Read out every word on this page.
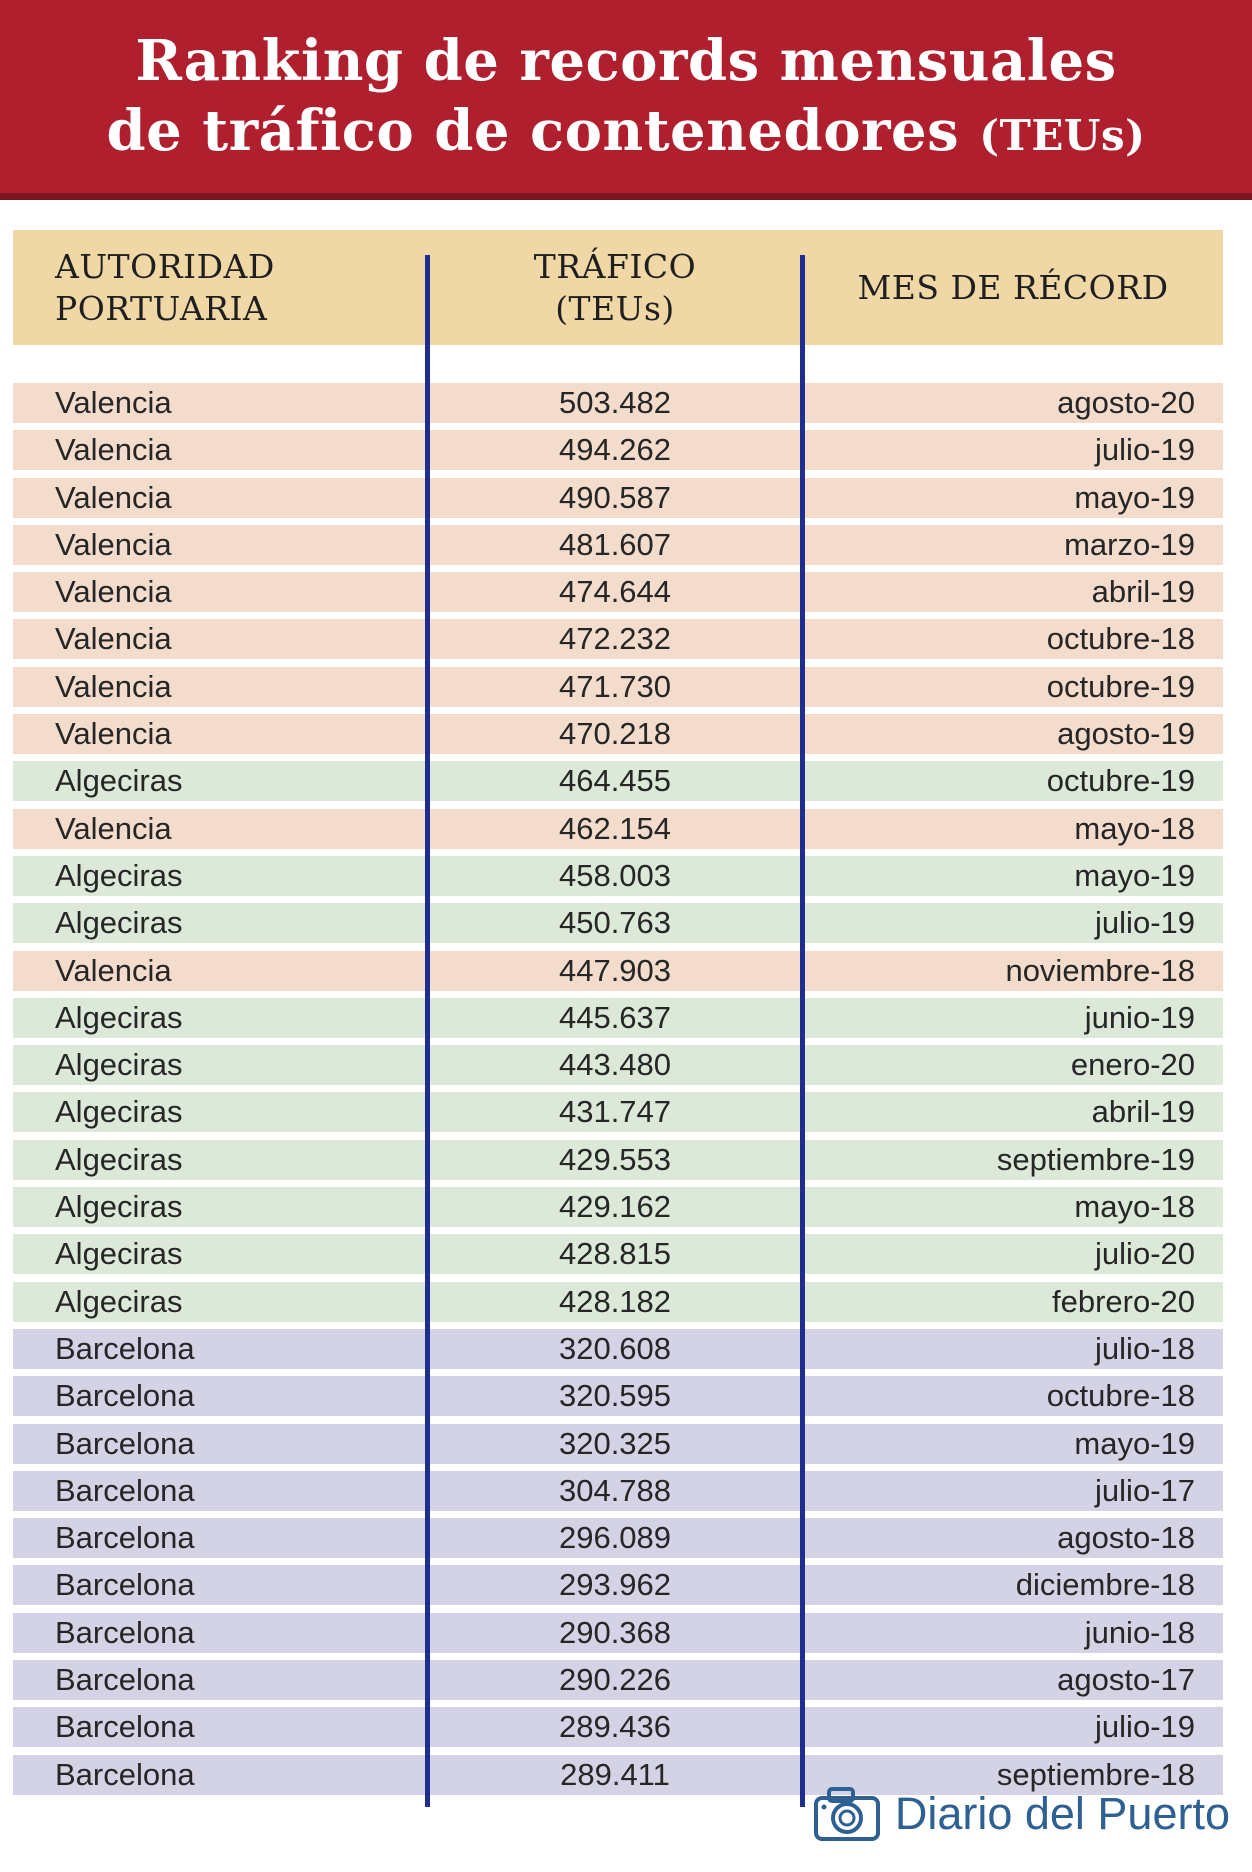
Ranking de records mensuales
de tráfico de contenedores (TEUs)
AUTORIDAD
PORTUARIA
TRÁFICO
(TEUs)
MES DE RÉCORD
Valencia	503.482	agosto-20
Valencia	494.262	julio-19
Valencia	490.587	mayo-19
Valencia	481.607	marzo-19
Valencia	474.644	abril-19
Valencia	472.232	octubre-18
Valencia	471.730	octubre-19
Valencia	470.218	agosto-19
Algeciras	464.455	octubre-19
Valencia	462.154	mayo-18
Algeciras	458.003	mayo-19
Algeciras	450.763	julio-19
Valencia	447.903	noviembre-18
Algeciras	445.637	junio-19
Algeciras	443.480	enero-20
Algeciras	431.747	abril-19
Algeciras	429.553	septiembre-19
Algeciras	429.162	mayo-18
Algeciras	428.815	julio-20
Algeciras	428.182	febrero-20
Barcelona	320.608	julio-18
Barcelona	320.595	octubre-18
Barcelona	320.325	mayo-19
Barcelona	304.788	julio-17
Barcelona	296.089	agosto-18
Barcelona	293.962	diciembre-18
Barcelona	290.368	junio-18
Barcelona	290.226	agosto-17
Barcelona	289.436	julio-19
Barcelona	289.411	septiembre-18
Diario del Puerto
